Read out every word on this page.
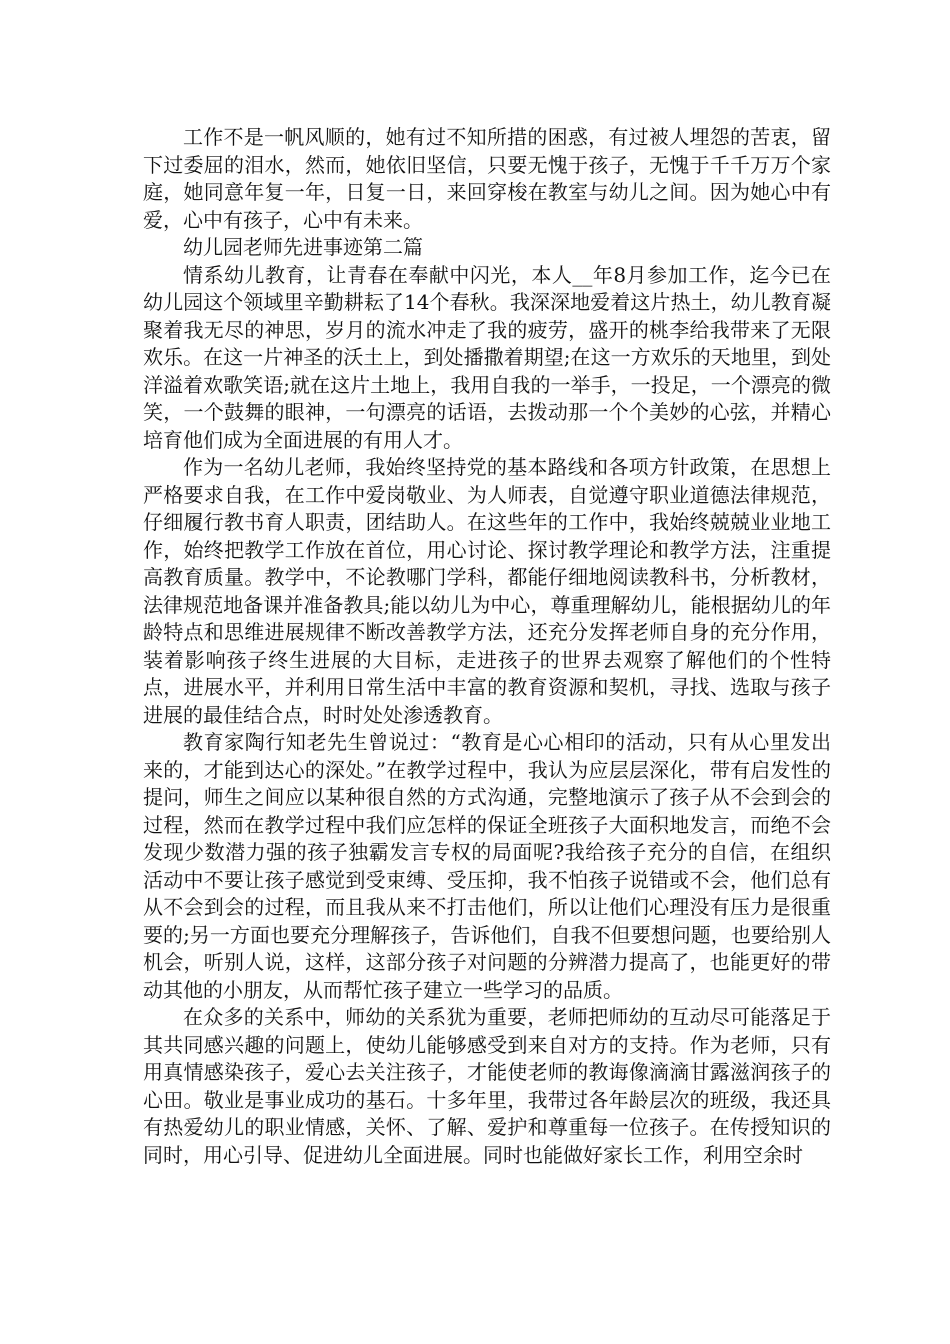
工作不是一帆风顺的，她有过不知所措的困惑，有过被人埋怨的苦衷，留下过委屈的泪水，然而，她依旧坚信，只要无愧于孩子，无愧于千千万万个家庭，她同意年复一年，日复一日，来回穿梭在教室与幼儿之间。因为她心中有爱，心中有孩子，心中有未来。

幼儿园老师先进事迹第二篇

情系幼儿教育，让青春在奉献中闪光，本人__年8月参加工作，迄今已在幼儿园这个领域里辛勤耕耘了14个春秋。我深深地爱着这片热土，幼儿教育凝聚着我无尽的神思，岁月的流水冲走了我的疲劳，盛开的桃李给我带来了无限欢乐。在这一片神圣的沃土上，到处播撒着期望;在这一方欢乐的天地里，到处洋溢着欢歌笑语;就在这片土地上，我用自我的一举手，一投足，一个漂亮的微笑，一个鼓舞的眼神，一句漂亮的话语，去拨动那一个个美妙的心弦，并精心培育他们成为全面进展的有用人才。

作为一名幼儿老师，我始终坚持党的基本路线和各项方针政策，在思想上严格要求自我，在工作中爱岗敬业、为人师表，自觉遵守职业道德法律规范，仔细履行教书育人职责，团结助人。在这些年的工作中，我始终兢兢业业地工作，始终把教学工作放在首位，用心讨论、探讨教学理论和教学方法，注重提高教育质量。教学中，不论教哪门学科，都能仔细地阅读教科书，分析教材，法律规范地备课并准备教具;能以幼儿为中心，尊重理解幼儿，能根据幼儿的年龄特点和思维进展规律不断改善教学方法，还充分发挥老师自身的充分作用，装着影响孩子终生进展的大目标，走进孩子的世界去观察了解他们的个性特点，进展水平，并利用日常生活中丰富的教育资源和契机，寻找、选取与孩子进展的最佳结合点，时时处处渗透教育。

教育家陶行知老先生曾说过：“教育是心心相印的活动，只有从心里发出来的，才能到达心的深处。”在教学过程中，我认为应层层深化，带有启发性的提问，师生之间应以某种很自然的方式沟通，完整地演示了孩子从不会到会的过程，然而在教学过程中我们应怎样的保证全班孩子大面积地发言，而绝不会发现少数潜力强的孩子独霸发言专权的局面呢?我给孩子充分的自信，在组织活动中不要让孩子感觉到受束缚、受压抑，我不怕孩子说错或不会，他们总有从不会到会的过程，而且我从来不打击他们，所以让他们心理没有压力是很重要的;另一方面也要充分理解孩子，告诉他们，自我不但要想问题，也要给别人机会，听别人说，这样，这部分孩子对问题的分辨潜力提高了，也能更好的带动其他的小朋友，从而帮忙孩子建立一些学习的品质。

在众多的关系中，师幼的关系犹为重要，老师把师幼的互动尽可能落足于其共同感兴趣的问题上，使幼儿能够感受到来自对方的支持。作为老师，只有用真情感染孩子，爱心去关注孩子，才能使老师的教诲像滴滴甘露滋润孩子的心田。敬业是事业成功的基石。十多年里，我带过各年龄层次的班级，我还具有热爱幼儿的职业情感，关怀、了解、爱护和尊重每一位孩子。在传授知识的同时，用心引导、促进幼儿全面进展。同时也能做好家长工作，利用空余时
